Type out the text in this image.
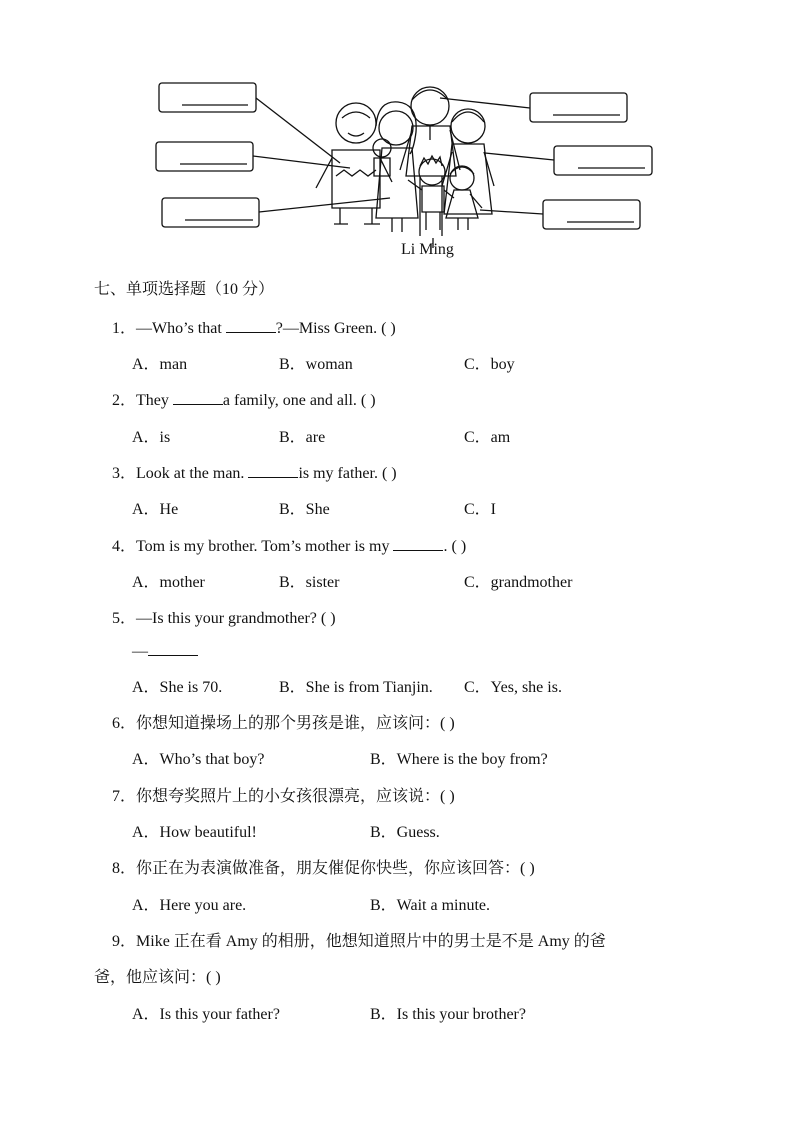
Li Ming
七、单项选择题（10 分）
1．—Who’s that	?—Miss Green. ( )
A．man	B．woman	C．boy
2．They	a family, one and all. ( )
A．is	B．are	C．am
3．Look at the man.	is my father. ( )
A．He	B．She	C．I
4．Tom is my brother. Tom’s mother is my	. ( )
A．mother	B．sister	C．grandmother
5．—Is this your grandmother? ( )
—
A．She is 70.	B．She is from Tianjin. C．Yes, she is.
6．你想知道操场上的那个男孩是谁，应该问：( )
A．Who’s that boy?	B．Where is the boy from?
7．你想夸奖照片上的小女孩很漂亮，应该说：( )
A．How beautiful!	B．Guess.
8．你正在为表演做准备，朋友催促你快些，你应该回答：( )
A．Here you are.	B．Wait a minute.
9．Mike 正在看 Amy 的相册，他想知道照片中的男士是不是 Amy 的爸
爸，他应该问：( )
A．Is this your father?	B．Is this your brother?
